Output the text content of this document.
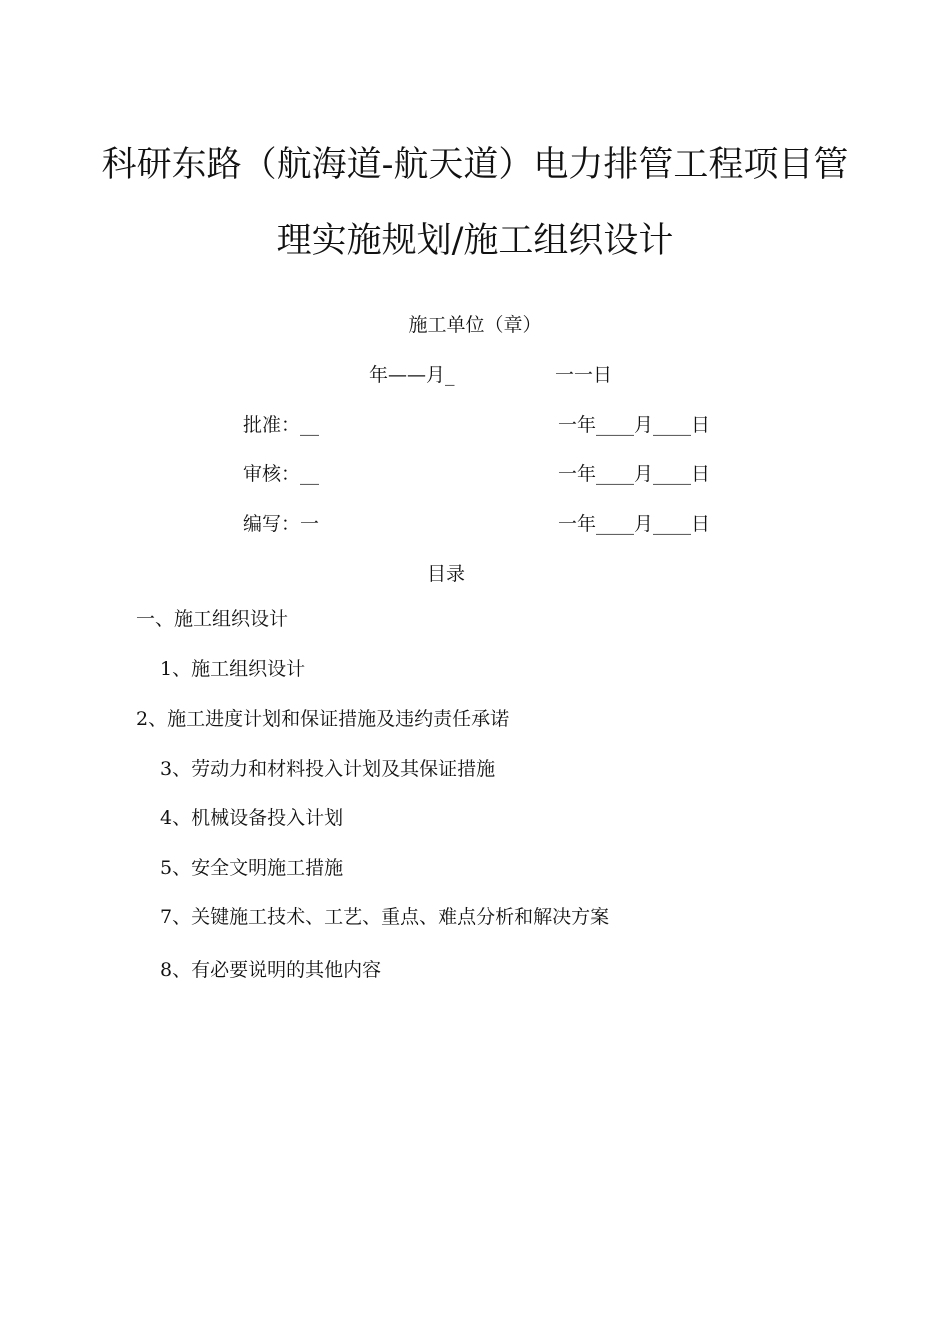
科研东路（航海道-航天道）电力排管工程项目管
理实施规划/施工组织设计
施工单位（章）
年——月_	一一日
批准：__	一年____月____日
审核：__	一年____月____日
编写：一	一年____月____日
目录
一、施工组织设计
1、施工组织设计
2、施工进度计划和保证措施及违约责任承诺
3、劳动力和材料投入计划及其保证措施
4、机械设备投入计划
5、安全文明施工措施
7、关键施工技术、工艺、重点、难点分析和解决方案
8、有必要说明的其他内容
